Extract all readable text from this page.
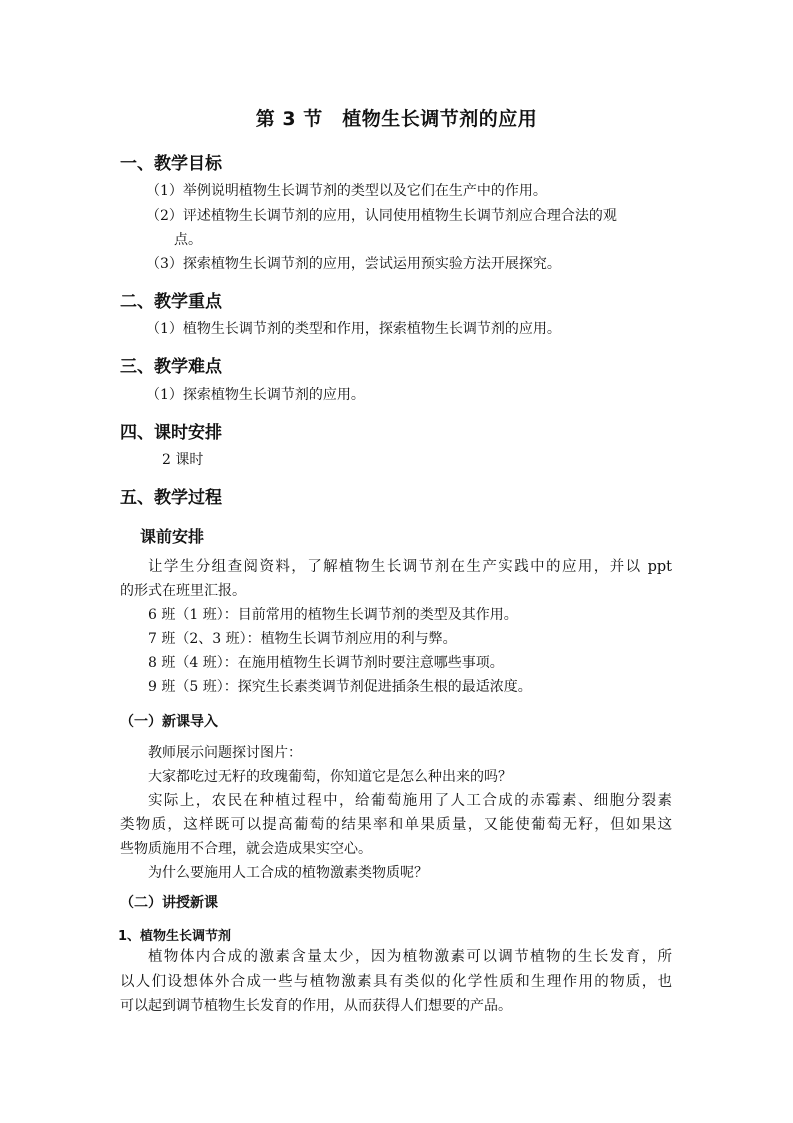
第 3 节　植物生长调节剂的应用
一、教学目标
（1）举例说明植物生长调节剂的类型以及它们在生产中的作用。
（2）评述植物生长调节剂的应用，认同使用植物生长调节剂应合理合法的观
点。
（3）探索植物生长调节剂的应用，尝试运用预实验方法开展探究。
二、教学重点
（1）植物生长调节剂的类型和作用，探索植物生长调节剂的应用。
三、教学难点
（1）探索植物生长调节剂的应用。
四、课时安排
2 课时
五、教学过程
课前安排
让学生分组查阅资料，了解植物生长调节剂在生产实践中的应用，并以 ppt
的形式在班里汇报。
6 班（1 班）：目前常用的植物生长调节剂的类型及其作用。
7 班（2、3 班）：植物生长调节剂应用的利与弊。
8 班（4 班）：在施用植物生长调节剂时要注意哪些事项。
9 班（5 班）：探究生长素类调节剂促进插条生根的最适浓度。
（一）新课导入
教师展示问题探讨图片：
大家都吃过无籽的玫瑰葡萄，你知道它是怎么种出来的吗？
实际上，农民在种植过程中，给葡萄施用了人工合成的赤霉素、细胞分裂素
类物质，这样既可以提高葡萄的结果率和单果质量，又能使葡萄无籽，但如果这
些物质施用不合理，就会造成果实空心。
为什么要施用人工合成的植物激素类物质呢？
（二）讲授新课
1、植物生长调节剂
植物体内合成的激素含量太少，因为植物激素可以调节植物的生长发育，所
以人们设想体外合成一些与植物激素具有类似的化学性质和生理作用的物质，也
可以起到调节植物生长发育的作用，从而获得人们想要的产品。
